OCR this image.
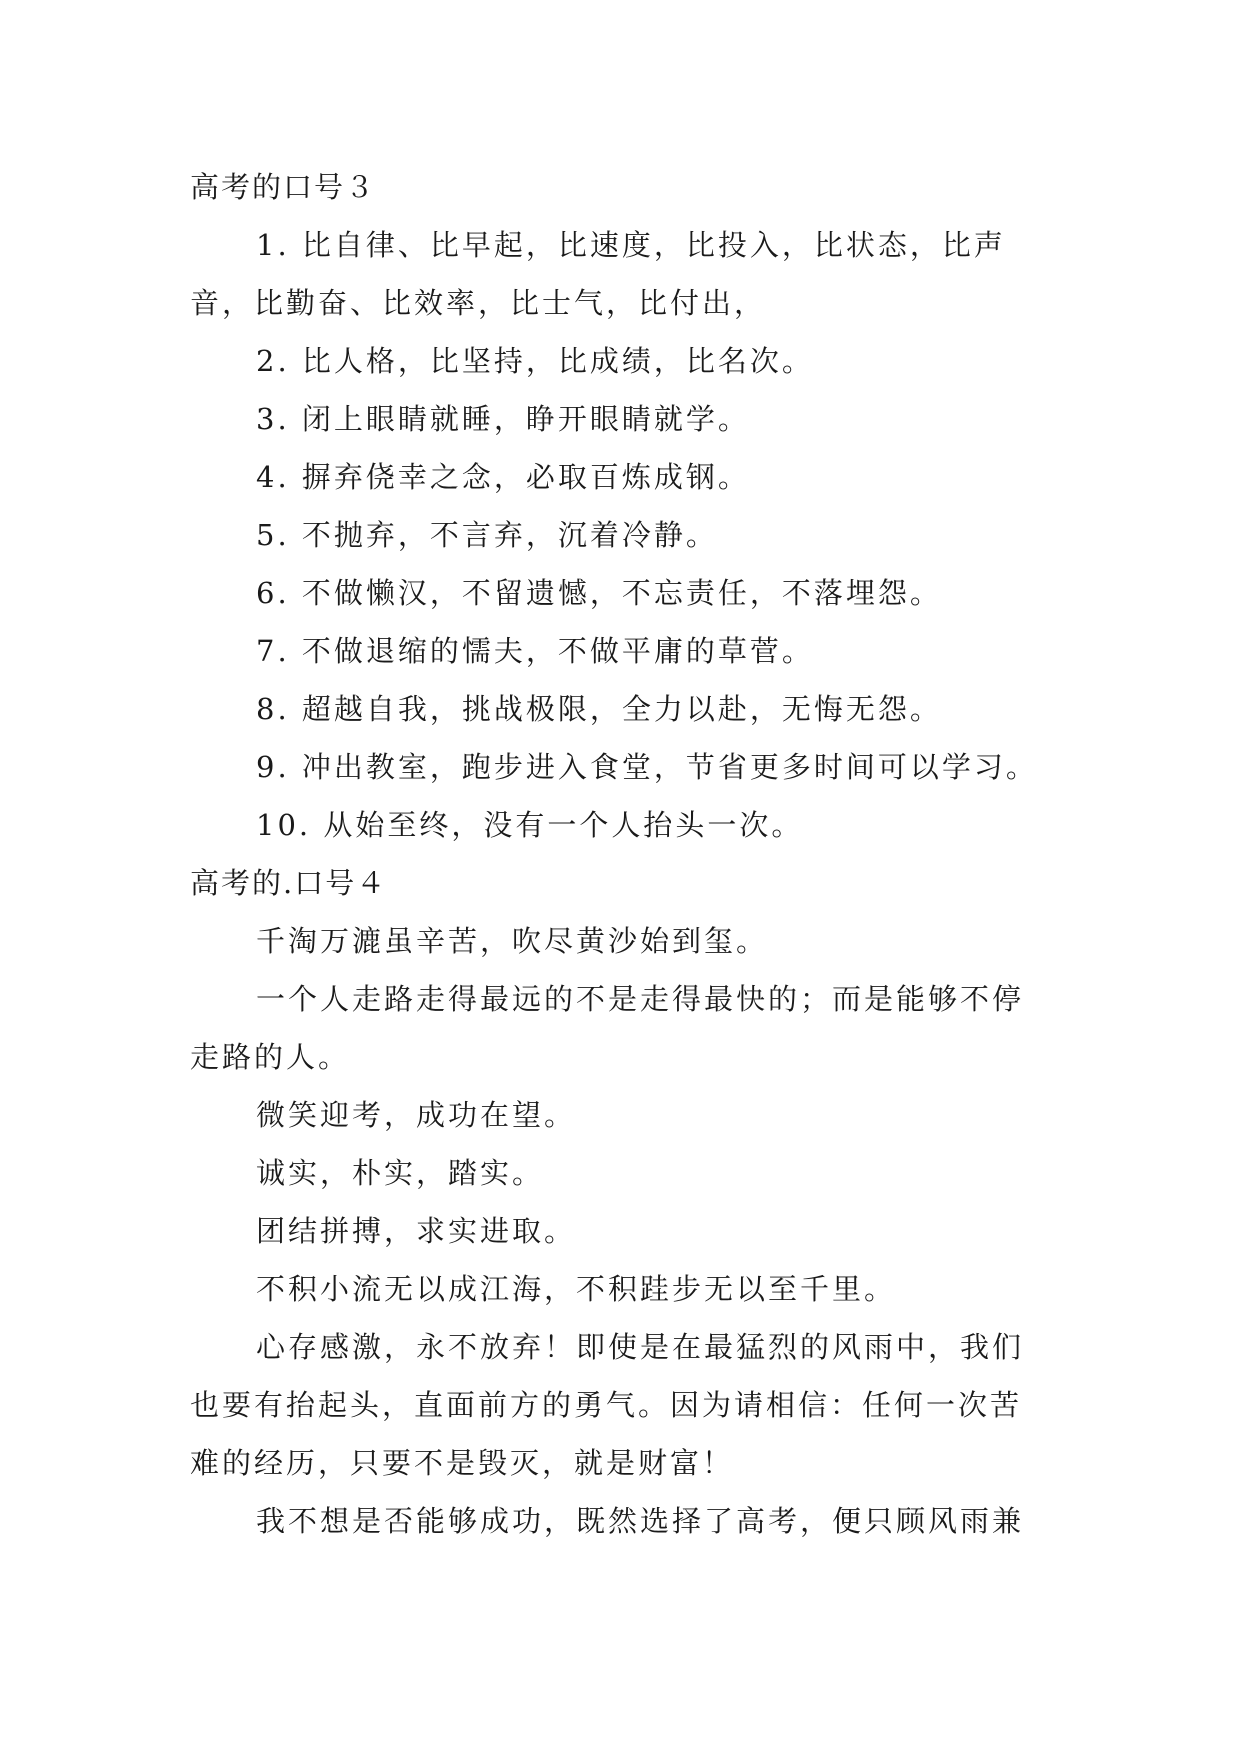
高考的口号３

1. 比自律、比早起，比速度，比投入，比状态，比声

音，比勤奋、比效率，比士气，比付出，

2. 比人格，比坚持，比成绩，比名次。

3. 闭上眼睛就睡，睁开眼睛就学。

4. 摒弃侥幸之念，必取百炼成钢。

5. 不抛弃，不言弃，沉着冷静。

6. 不做懒汉，不留遗憾，不忘责任，不落埋怨。

7. 不做退缩的懦夫，不做平庸的草菅。

8. 超越自我，挑战极限，全力以赴，无悔无怨。

9. 冲出教室，跑步进入食堂，节省更多时间可以学习。

10. 从始至终，没有一个人抬头一次。

高考的.口号４

千淘万漉虽辛苦，吹尽黄沙始到玺。

一个人走路走得最远的不是走得最快的；而是能够不停

走路的人。

微笑迎考，成功在望。

诚实，朴实，踏实。

团结拼搏，求实进取。

不积小流无以成江海，不积跬步无以至千里。

心存感激，永不放弃！即使是在最猛烈的风雨中，我们

也要有抬起头，直面前方的勇气。因为请相信：任何一次苦

难的经历，只要不是毁灭，就是财富！

我不想是否能够成功，既然选择了高考，便只顾风雨兼
